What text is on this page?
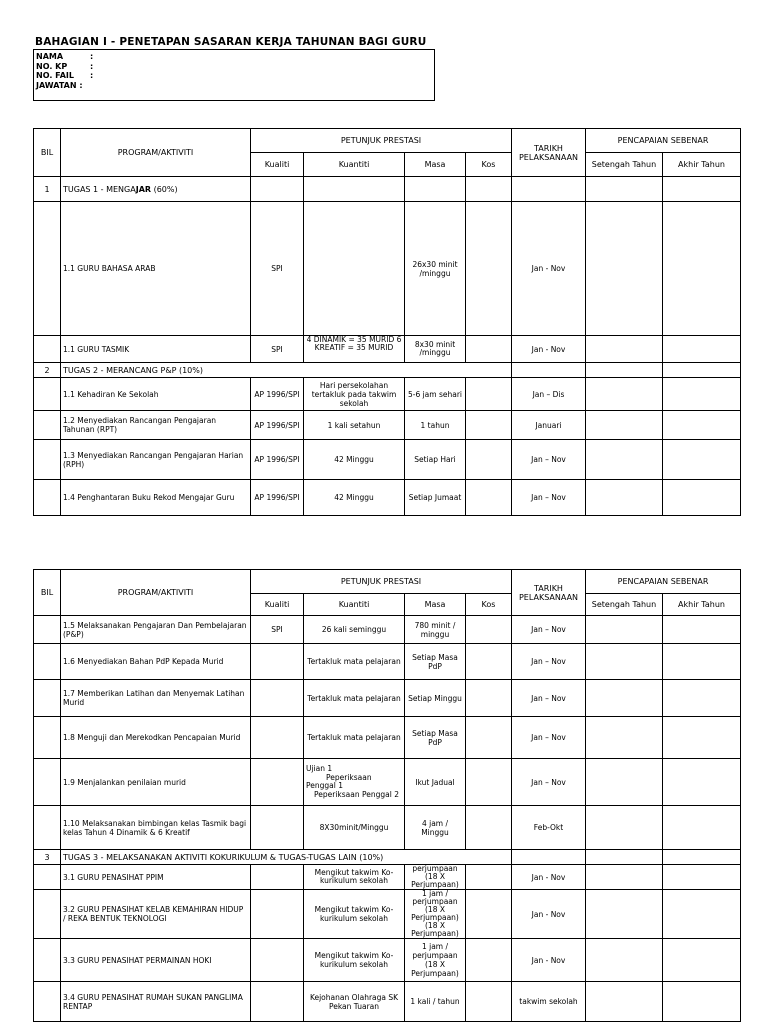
BAHAGIAN I - PENETAPAN SASARAN KERJA TAHUNAN BAGI GURU
NAMA	:
NO. KP	:
NO. FAIL :
JAWATAN :
BIL	PROGRAM/AKTIVITI	PETUNJUK PRESTASI				TARIKH PELAKSANAAN	PENCAPAIAN SEBENAR	
		Kualiti	Kuantiti	Masa	Kos		Setengah Tahun	Akhir Tahun
1	TUGAS 1 - MENGAJAR (60%)							
	1.1 GURU BAHASA ARAB	SPI		26x30 minit /minggu		Jan - Nov		
	1.1 GURU TASMIK	SPI	4 DINAMIK = 35 MURID 6 KREATIF = 35 MURID	8x30 minit /minggu		Jan - Nov		
2	TUGAS 2 - MERANCANG P&P (10%)							
	1.1 Kehadiran Ke Sekolah	AP 1996/SPI	Hari persekolahan tertakluk pada takwim sekolah	5-6 jam sehari		Jan – Dis		
	1.2 Menyediakan Rancangan Pengajaran Tahunan (RPT)	AP 1996/SPI	1 kali setahun	1 tahun		Januari		
	1.3 Menyediakan Rancangan Pengajaran Harian (RPH)	AP 1996/SPI	42 Minggu	Setiap Hari		Jan – Nov		
	1.4 Penghantaran Buku Rekod Mengajar Guru	AP 1996/SPI	42 Minggu	Setiap Jumaat		Jan – Nov		
BIL	PROGRAM/AKTIVITI	PETUNJUK PRESTASI				TARIKH PELAKSANAAN	PENCAPAIAN SEBENAR	
		Kualiti	Kuantiti	Masa	Kos		Setengah Tahun	Akhir Tahun
	1.5 Melaksanakan Pengajaran Dan Pembelajaran (P&P)	SPI	26 kali seminggu	780 minit / minggu		Jan – Nov		
	1.6 Menyediakan Bahan PdP Kepada Murid		Tertakluk mata pelajaran	Setiap Masa PdP		Jan – Nov		
	1.7 Memberikan Latihan dan Menyemak Latihan Murid		Tertakluk mata pelajaran	Setiap Minggu		Jan – Nov		
	1.8 Menguji dan Merekodkan Pencapaian Murid		Tertakluk mata pelajaran	Setiap Masa PdP		Jan – Nov		
	1.9 Menjalankan penilaian murid		Ujian 1
Peperiksaan
Penggal 1
Peperiksaan Penggal 2	Ikut Jadual		Jan – Nov		
	1.10 Melaksanakan bimbingan kelas Tasmik bagi kelas Tahun 4 Dinamik & 6 Kreatif		8X30minit/Minggu	4 jam / Minggu		Feb-Okt		
3	TUGAS 3 - MELAKSANAKAN AKTIVITI KOKURIKULUM & TUGAS-TUGAS LAIN (10%)							
	3.1 GURU PENASIHAT PPIM		Mengikut takwim Ko-kurikulum sekolah	perjumpaan (18 X Perjumpaan)		Jan - Nov		
	3.2 GURU PENASIHAT KELAB KEMAHIRAN HIDUP / REKA BENTUK TEKNOLOGI		Mengikut takwim Ko-kurikulum sekolah	1 jam / perjumpaan (18 X Perjumpaan) (18 X Perjumpaan)		Jan - Nov		
	3.3 GURU PENASIHAT PERMAINAN HOKI		Mengikut takwim Ko-kurikulum sekolah	1 jam / perjumpaan (18 X Perjumpaan)		Jan - Nov		
	3.4 GURU PENASIHAT RUMAH SUKAN PANGLIMA RENTAP		Kejohanan Olahraga SK Pekan Tuaran	1 kali / tahun		takwim sekolah		
